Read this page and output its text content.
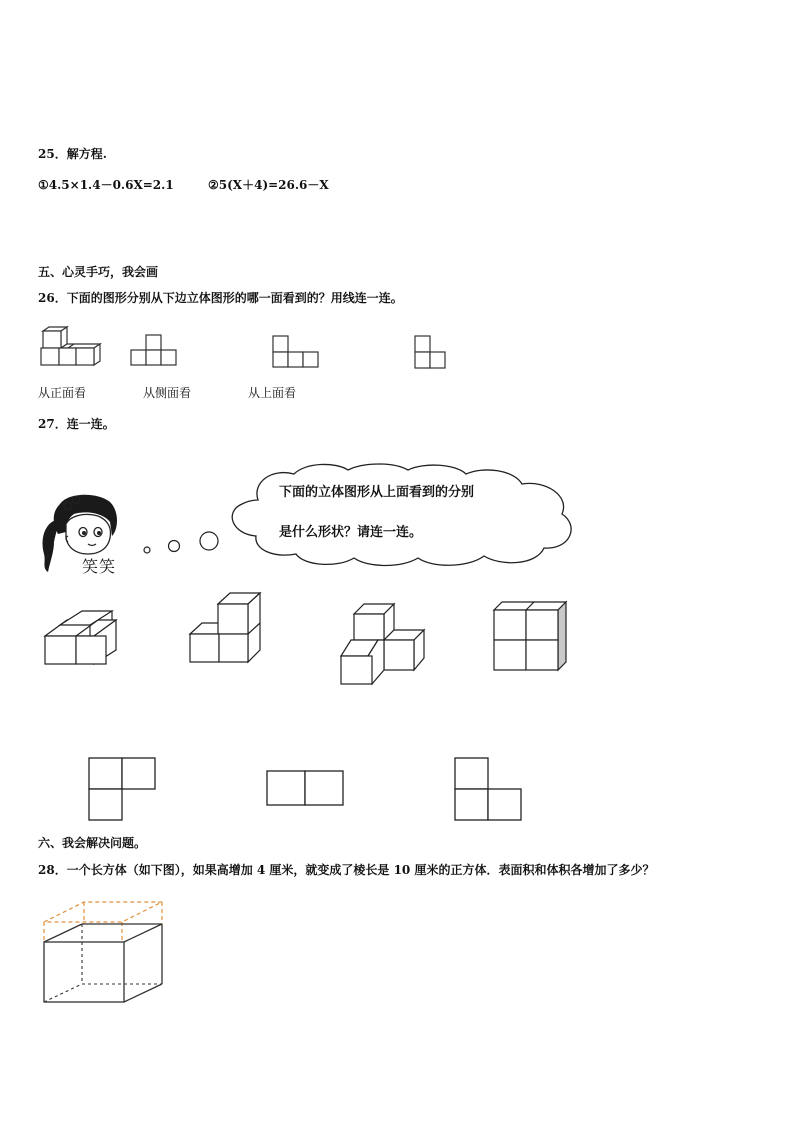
25．解方程.
①4.5×1.4－0.6X=2.1	②5(X＋4)=26.6－X
五、心灵手巧，我会画
26．下面的图形分别从下边立体图形的哪一面看到的？用线连一连。
从正面看	从侧面看	从上面看
27．连一连。
笑笑
下面的立体图形从上面看到的分别
是什么形状？请连一连。
六、我会解决问题。
28．一个长方体（如下图），如果高增加 4 厘米，就变成了棱长是 10 厘米的正方体．表面积和体积各增加了多少？
